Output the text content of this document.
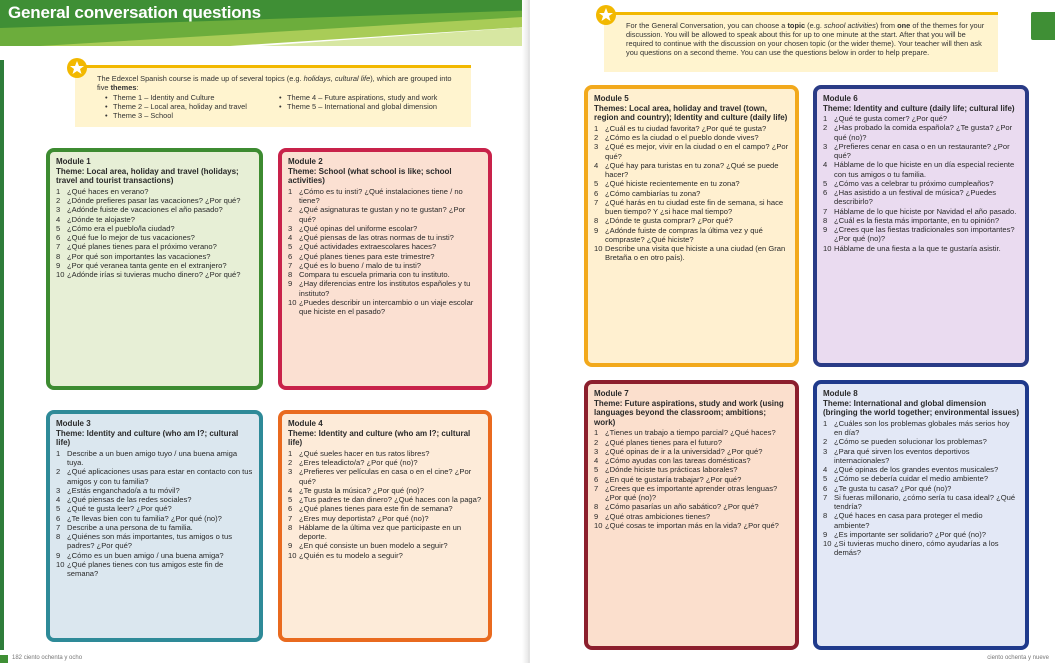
General conversation questions
The Edexcel Spanish course is made up of several topics (e.g. holidays, cultural life), which are grouped into five themes:
• Theme 1 – Identity and Culture
• Theme 2 – Local area, holiday and travel
• Theme 3 – School
• Theme 4 – Future aspirations, study and work
• Theme 5 – International and global dimension
Module 1
Theme: Local area, holiday and travel (holidays; travel and tourist transactions)
1 ¿Qué haces en verano?
2 ¿Dónde prefieres pasar las vacaciones? ¿Por qué?
3 ¿Adónde fuiste de vacaciones el año pasado?
4 ¿Dónde te alojaste?
5 ¿Cómo era el pueblo/la ciudad?
6 ¿Qué fue lo mejor de tus vacaciones?
7 ¿Qué planes tienes para el próximo verano?
8 ¿Por qué son importantes las vacaciones?
9 ¿Por qué veranea tanta gente en el extranjero?
10 ¿Adónde irías si tuvieras mucho dinero? ¿Por qué?
Module 2
Theme: School (what school is like; school activities)
1 ¿Cómo es tu insti? ¿Qué instalaciones tiene / no tiene?
2 ¿Qué asignaturas te gustan y no te gustan? ¿Por qué?
3 ¿Qué opinas del uniforme escolar?
4 ¿Qué piensas de las otras normas de tu insti?
5 ¿Qué actividades extraescolares haces?
6 ¿Qué planes tienes para este trimestre?
7 ¿Qué es lo bueno / malo de tu insti?
8 Compara tu escuela primaria con tu instituto.
9 ¿Hay diferencias entre los institutos españoles y tu instituto?
10 ¿Puedes describir un intercambio o un viaje escolar que hiciste en el pasado?
Module 3
Theme: Identity and culture (who am I?; cultural life)
1 Describe a un buen amigo tuyo / una buena amiga tuya.
2 ¿Qué aplicaciones usas para estar en contacto con tus amigos y con tu familia?
3 ¿Estás enganchado/a a tu móvil?
4 ¿Qué piensas de las redes sociales?
5 ¿Qué te gusta leer? ¿Por qué?
6 ¿Te llevas bien con tu familia? ¿Por qué (no)?
7 Describe a una persona de tu familia.
8 ¿Quiénes son más importantes, tus amigos o tus padres? ¿Por qué?
9 ¿Cómo es un buen amigo / una buena amiga?
10 ¿Qué planes tienes con tus amigos este fin de semana?
Module 4
Theme: Identity and culture (who am I?; cultural life)
1 ¿Qué sueles hacer en tus ratos libres?
2 ¿Eres teleadicto/a? ¿Por qué (no)?
3 ¿Prefieres ver películas en casa o en el cine? ¿Por qué?
4 ¿Te gusta la música? ¿Por qué (no)?
5 ¿Tus padres te dan dinero? ¿Qué haces con la paga?
6 ¿Qué planes tienes para este fin de semana?
7 ¿Eres muy deportista? ¿Por qué (no)?
8 Háblame de la última vez que participaste en un deporte.
9 ¿En qué consiste un buen modelo a seguir?
10 ¿Quién es tu modelo a seguir?
182 ciento ochenta y ocho
For the General Conversation, you can choose a topic (e.g. school activities) from one of the themes for your discussion. You will be allowed to speak about this for up to one minute at the start. After that you will be required to continue with the discussion on your chosen topic (or the wider theme). Your teacher will then ask you questions on a second theme. You can use the questions below in order to help prepare.
Module 5
Themes: Local area, holiday and travel (town, region and country); Identity and culture (daily life)
1 ¿Cuál es tu ciudad favorita? ¿Por qué te gusta?
2 ¿Cómo es la ciudad o el pueblo donde vives?
3 ¿Qué es mejor, vivir en la ciudad o en el campo? ¿Por qué?
4 ¿Qué hay para turistas en tu zona? ¿Qué se puede hacer?
5 ¿Qué hiciste recientemente en tu zona?
6 ¿Cómo cambiarías tu zona?
7 ¿Qué harás en tu ciudad este fin de semana, si hace buen tiempo? Y ¿si hace mal tiempo?
8 ¿Dónde te gusta comprar? ¿Por qué?
9 ¿Adónde fuiste de compras la última vez y qué compraste? ¿Qué hiciste?
10 Describe una visita que hiciste a una ciudad (en Gran Bretaña o en otro país).
Module 6
Theme: Identity and culture (daily life; cultural life)
1 ¿Qué te gusta comer? ¿Por qué?
2 ¿Has probado la comida española? ¿Te gusta? ¿Por qué (no)?
3 ¿Prefieres cenar en casa o en un restaurante? ¿Por qué?
4 Háblame de lo que hiciste en un día especial reciente con tus amigos o tu familia.
5 ¿Cómo vas a celebrar tu próximo cumpleaños?
6 ¿Has asistido a un festival de música? ¿Puedes describirlo?
7 Háblame de lo que hiciste por Navidad el año pasado.
8 ¿Cuál es la fiesta más importante, en tu opinión?
9 ¿Crees que las fiestas tradicionales son importantes? ¿Por qué (no)?
10 Háblame de una fiesta a la que te gustaría asistir.
Module 7
Theme: Future aspirations, study and work (using languages beyond the classroom; ambitions; work)
1 ¿Tienes un trabajo a tiempo parcial? ¿Qué haces?
2 ¿Qué planes tienes para el futuro?
3 ¿Qué opinas de ir a la universidad? ¿Por qué?
4 ¿Cómo ayudas con las tareas domésticas?
5 ¿Dónde hiciste tus prácticas laborales?
6 ¿En qué te gustaría trabajar? ¿Por qué?
7 ¿Crees que es importante aprender otras lenguas? ¿Por qué (no)?
8 ¿Cómo pasarías un año sabático? ¿Por qué?
9 ¿Qué otras ambiciones tienes?
10 ¿Qué cosas te importan más en la vida? ¿Por qué?
Module 8
Theme: International and global dimension (bringing the world together; environmental issues)
1 ¿Cuáles son los problemas globales más serios hoy en día?
2 ¿Cómo se pueden solucionar los problemas?
3 ¿Para qué sirven los eventos deportivos internacionales?
4 ¿Qué opinas de los grandes eventos musicales?
5 ¿Cómo se debería cuidar el medio ambiente?
6 ¿Te gusta tu casa? ¿Por qué (no)?
7 Si fueras millonario, ¿cómo sería tu casa ideal? ¿Qué tendría?
8 ¿Qué haces en casa para proteger el medio ambiente?
9 ¿Es importante ser solidario? ¿Por qué (no)?
10 ¿Si tuvieras mucho dinero, cómo ayudarías a los demás?
ciento ochenta y nueve
